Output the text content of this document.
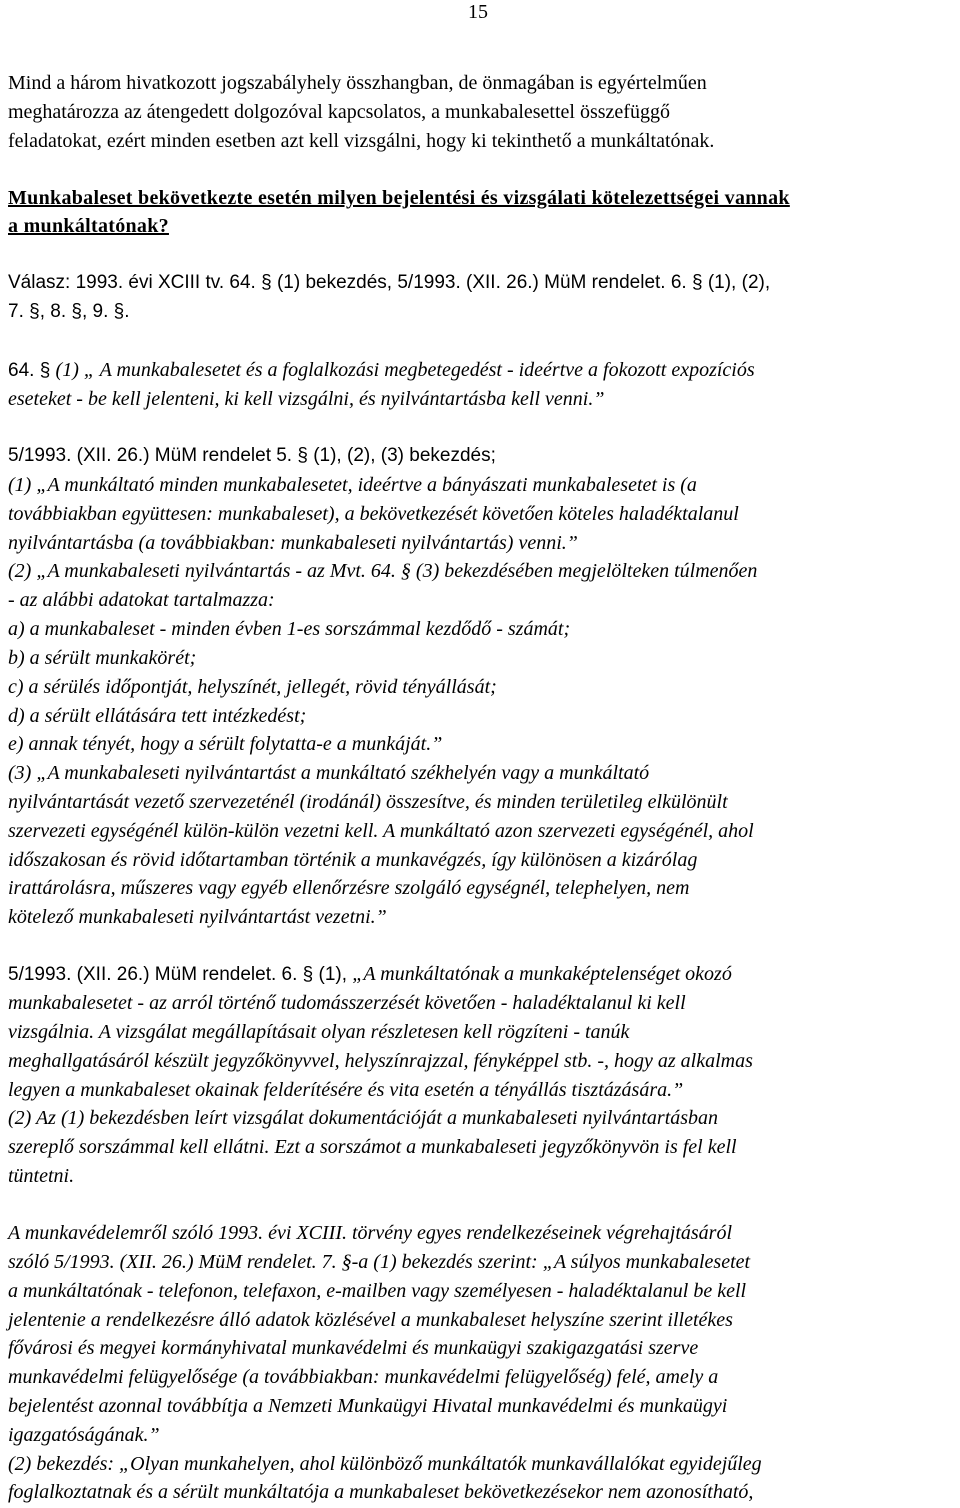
15
Mind a három hivatkozott jogszabályhely összhangban, de önmagában is egyértelműen
meghatározza az átengedett dolgozóval kapcsolatos, a munkabalesettel összefüggő
feladatokat, ezért minden esetben azt kell vizsgálni, hogy ki tekinthető a munkáltatónak.
Munkabaleset bekövetkezte esetén milyen bejelentési és vizsgálati kötelezettségei vannak
a munkáltatónak?
Válasz: 1993. évi XCIII tv. 64. § (1) bekezdés, 5/1993. (XII. 26.) MüM rendelet. 6. § (1), (2),
7. §, 8. §, 9. §.
64. § (1) „ A munkabalesetet és a foglalkozási megbetegedést - ideértve a fokozott expozíciós
eseteket - be kell jelenteni, ki kell vizsgálni, és nyilvántartásba kell venni.”
5/1993. (XII. 26.) MüM rendelet 5. § (1), (2), (3) bekezdés;
(1) „A munkáltató minden munkabalesetet, ideértve a bányászati munkabalesetet is (a
továbbiakban együttesen: munkabaleset), a bekövetkezését követően köteles haladéktalanul
nyilvántartásba (a továbbiakban: munkabaleseti nyilvántartás) venni.”
(2) „A munkabaleseti nyilvántartás - az Mvt. 64. § (3) bekezdésében megjelölteken túlmenően
- az alábbi adatokat tartalmazza:
a) a munkabaleset - minden évben 1-es sorszámmal kezdődő - számát;
b) a sérült munkakörét;
c) a sérülés időpontját, helyszínét, jellegét, rövid tényállását;
d) a sérült ellátására tett intézkedést;
e) annak tényét, hogy a sérült folytatta-e a munkáját.”
(3) „A munkabaleseti nyilvántartást a munkáltató székhelyén vagy a munkáltató
nyilvántartását vezető szervezeténél (irodánál) összesítve, és minden területileg elkülönült
szervezeti egységénél külön-külön vezetni kell. A munkáltató azon szervezeti egységénél, ahol
időszakosan és rövid időtartamban történik a munkavégzés, így különösen a kizárólag
irattárolásra, műszeres vagy egyéb ellenőrzésre szolgáló egységnél, telephelyen, nem
kötelező munkabaleseti nyilvántartást vezetni.”
5/1993. (XII. 26.) MüM rendelet. 6. § (1), „A munkáltatónak a munkaképtelenséget okozó
munkabalesetet - az arról történő tudomásszerzését követően - haladéktalanul ki kell
vizsgálnia. A vizsgálat megállapításait olyan részletesen kell rögzíteni - tanúk
meghallgatásáról készült jegyzőkönyvvel, helyszínrajzzal, fényképpel stb. -, hogy az alkalmas
legyen a munkabaleset okainak felderítésére és vita esetén a tényállás tisztázására.”
(2) Az (1) bekezdésben leírt vizsgálat dokumentációját a munkabaleseti nyilvántartásban
szereplő sorszámmal kell ellátni. Ezt a sorszámot a munkabaleseti jegyzőkönyvön is fel kell
tüntetni.
A munkavédelemről szóló 1993. évi XCIII. törvény egyes rendelkezéseinek végrehajtásáról
szóló 5/1993. (XII. 26.) MüM rendelet. 7. §-a (1) bekezdés szerint: „A súlyos munkabalesetet
a munkáltatónak - telefonon, telefaxon, e-mailben vagy személyesen - haladéktalanul be kell
jelentenie a rendelkezésre álló adatok közlésével a munkabaleset helyszíne szerint illetékes
fővárosi és megyei kormányhivatal munkavédelmi és munkaügyi szakigazgatási szerve
munkavédelmi felügyelősége (a továbbiakban: munkavédelmi felügyelőség) felé, amely a
bejelentést azonnal továbbítja a Nemzeti Munkaügyi Hivatal munkavédelmi és munkaügyi
igazgatóságának.”
(2) bekezdés: „Olyan munkahelyen, ahol különböző munkáltatók munkavállalókat egyidejűleg
foglalkoztatnak és a sérült munkáltatója a munkabaleset bekövetkezésekor nem azonosítható,
